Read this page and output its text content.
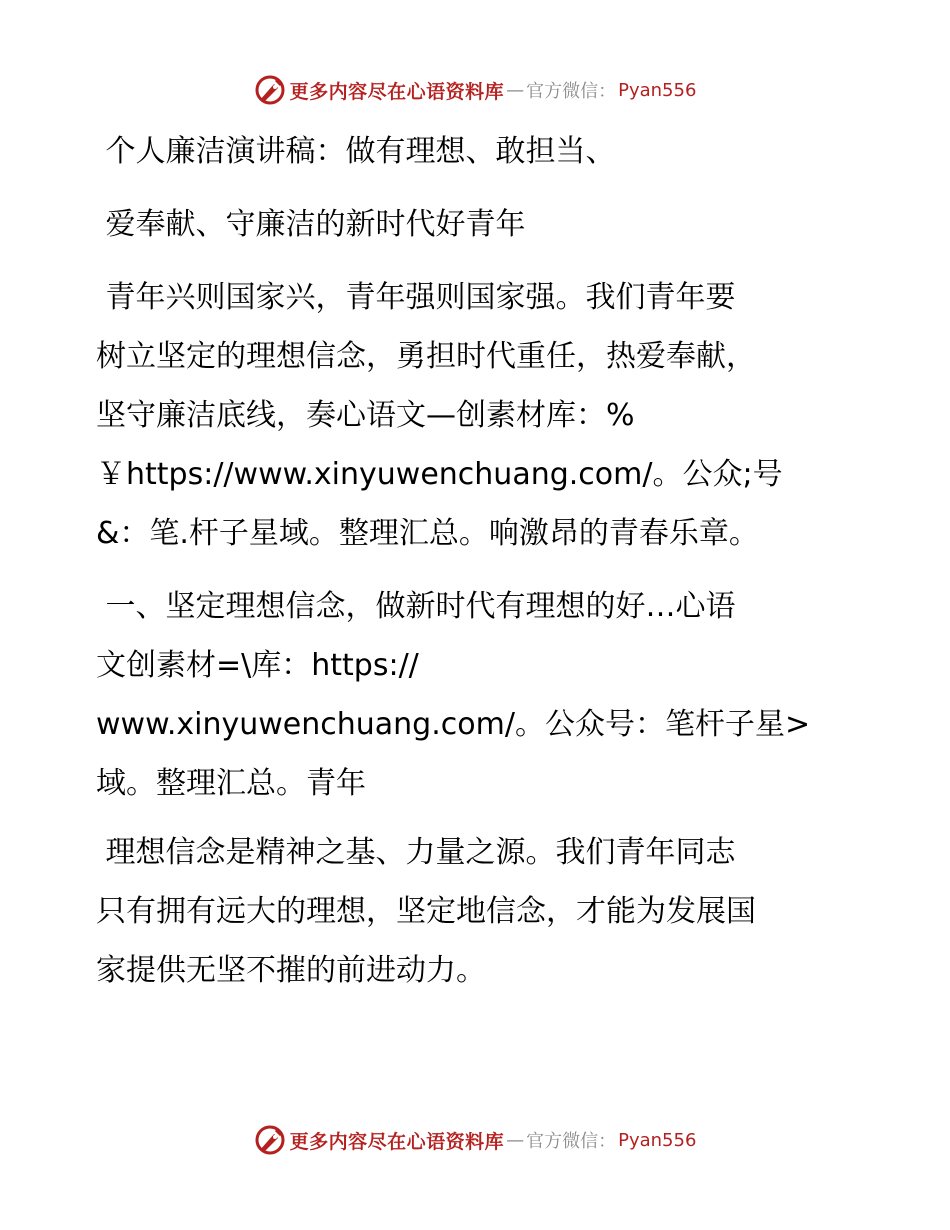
更多内容尽在心语资料库 — 官方微信： Pyan556

个人廉洁演讲稿：做有理想、敢担当、

爱奉献、守廉洁的新时代好青年

青年兴则国家兴，青年强则国家强。我们青年要

树立坚定的理想信念，勇担时代重任，热爱奉献，

坚守廉洁底线，奏心语文—创素材库：%

￥https://www.xinyuwenchuang.com/。公众;号

&：笔.杆子星域。整理汇总。响激昂的青春乐章。

一、坚定理想信念，做新时代有理想的好…心语

文创素材=\库：https://

www.xinyuwenchuang.com/。公众号：笔杆子星>

域。整理汇总。青年

理想信念是精神之基、力量之源。我们青年同志

只有拥有远大的理想，坚定地信念，才能为发展国

家提供无坚不摧的前进动力。

更多内容尽在心语资料库 — 官方微信： Pyan556
